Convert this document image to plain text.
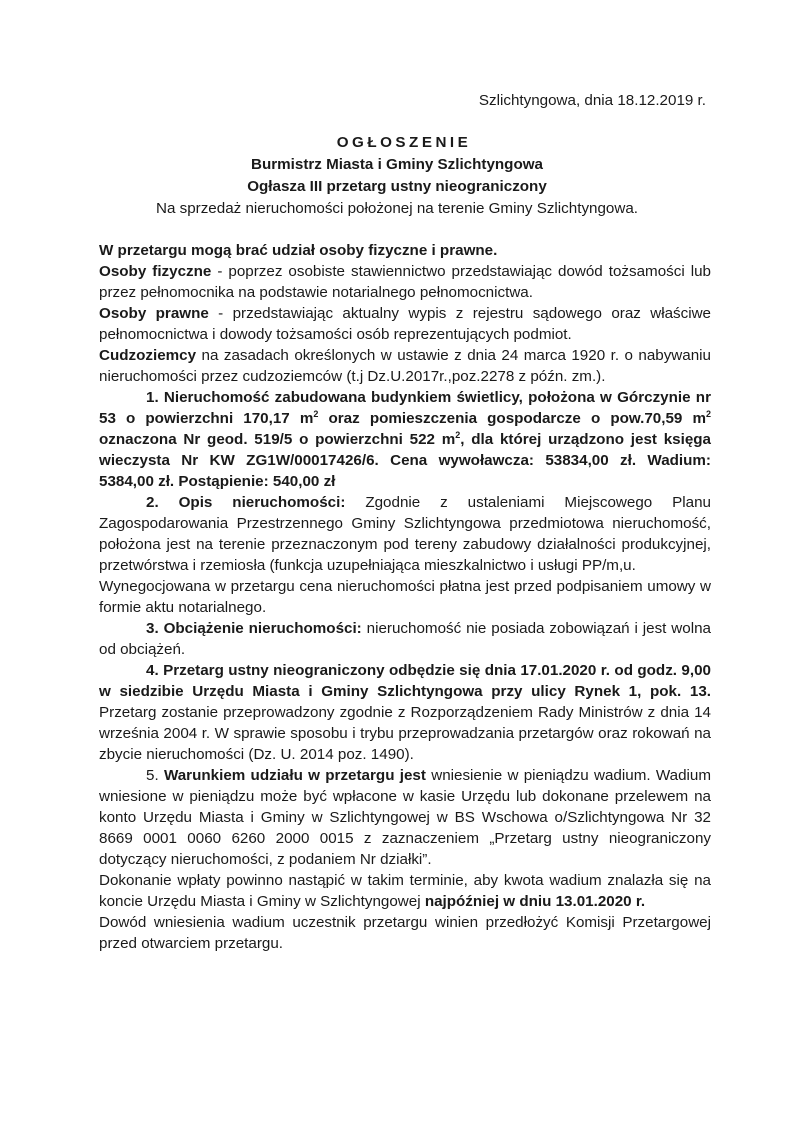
Szlichtyngowa, dnia 18.12.2019 r.
OGŁOSZENIE
Burmistrz Miasta i Gminy Szlichtyngowa
Ogłasza III przetarg ustny nieograniczony
Na sprzedaż nieruchomości położonej na terenie Gminy Szlichtyngowa.

W przetargu mogą brać udział osoby fizyczne i prawne.

Osoby fizyczne - poprzez osobiste stawiennictwo przedstawiając dowód tożsamości lub przez pełnomocnika na podstawie notarialnego pełnomocnictwa.

Osoby prawne - przedstawiając aktualny wypis z rejestru sądowego oraz właściwe pełnomocnictwa i dowody tożsamości osób reprezentujących podmiot.

Cudzoziemcy na zasadach określonych w ustawie z dnia 24 marca 1920 r. o nabywaniu nieruchomości przez cudzoziemców (t.j Dz.U.2017r.,poz.2278 z późn. zm.).

1. Nieruchomość zabudowana budynkiem świetlicy, położona w Górczynie nr 53 o powierzchni 170,17 $m^2$ oraz pomieszczenia gospodarcze o pow.70,59 $m^2$ oznaczona Nr geod. 519/5 o powierzchni 522 $m^2$, dla której urządzono jest księga wieczysta Nr KW ZG1W/00017426/6. Cena wywoławcza: 53834,00 zł. Wadium: 5384,00 zł. Postąpienie: 540,00 zł

2. Opis nieruchomości: Zgodnie z ustaleniami Miejscowego Planu Zagospodarowania Przestrzennego Gminy Szlichtyngowa przedmiotowa nieruchomość, położona jest na terenie przeznaczonym pod tereny zabudowy działalności produkcyjnej, przetwórstwa i rzemiosła (funkcja uzupełniająca mieszkalnictwo i usługi PP/m,u.

Wynegocjowana w przetargu cena nieruchomości płatna jest przed podpisaniem umowy w formie aktu notarialnego.

3. Obciążenie nieruchomości: nieruchomość nie posiada zobowiązań i jest wolna od obciążeń.

4. Przetarg ustny nieograniczony odbędzie się dnia 17.01.2020 r. od godz. 9,00 w siedzibie Urzędu Miasta i Gminy Szlichtyngowa przy ulicy Rynek 1, pok. 13. Przetarg zostanie przeprowadzony zgodnie z Rozporządzeniem Rady Ministrów z dnia 14 września 2004 r. W sprawie sposobu i trybu przeprowadzania przetargów oraz rokowań na zbycie nieruchomości (Dz. U. 2014 poz. 1490).

5. Warunkiem udziału w przetargu jest wniesienie w pieniądzu wadium. Wadium wniesione w pieniądzu może być wpłacone w kasie Urzędu lub dokonane przelewem na konto Urzędu Miasta i Gminy w Szlichtyngowej w BS Wschowa o/Szlichtyngowa Nr 32 8669 0001 0060 6260 2000 0015 z zaznaczeniem „Przetarg ustny nieograniczony dotyczący nieruchomości, z podaniem Nr działki”.

Dokonanie wpłaty powinno nastąpić w takim terminie, aby kwota wadium znalazła się na koncie Urzędu Miasta i Gminy w Szlichtyngowej najpóźniej w dniu 13.01.2020 r.

Dowód wniesienia wadium uczestnik przetargu winien przedłożyć Komisji Przetargowej przed otwarciem przetargu.
